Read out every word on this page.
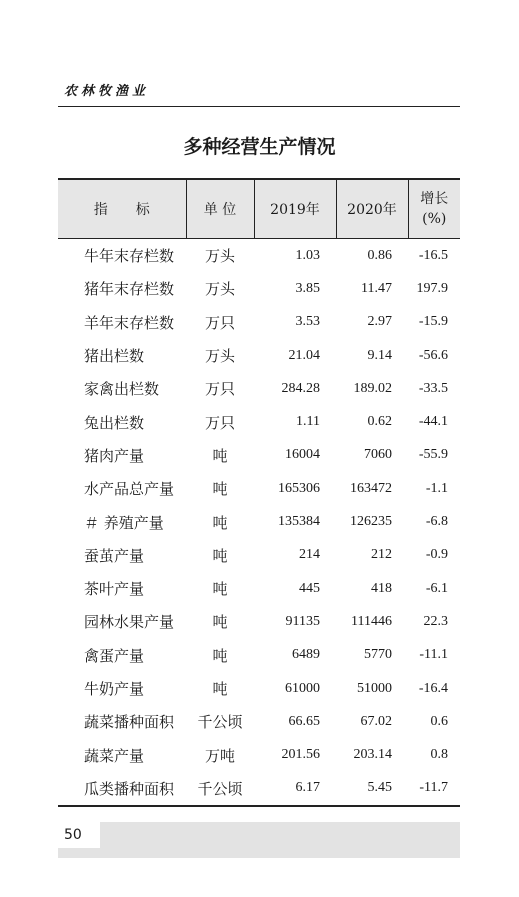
农林牧渔业
多种经营生产情况
指　　标	单 位	2019年	2020年	增长
(%)

牛年末存栏数	万头	1.03	0.86	-16.5
猪年末存栏数	万头	3.85	11.47	197.9
羊年末存栏数	万只	3.53	2.97	-15.9
猪出栏数	万头	21.04	9.14	-56.6
家禽出栏数	万只	284.28	189.02	-33.5
兔出栏数	万只	1.11	0.62	-44.1
猪肉产量	吨	16004	7060	-55.9
水产品总产量	吨	165306	163472	-1.1
＃ 养殖产量	吨	135384	126235	-6.8
蚕茧产量	吨	214	212	-0.9
茶叶产量	吨	445	418	-6.1
园林水果产量	吨	91135	111446	22.3
禽蛋产量	吨	6489	5770	-11.1
牛奶产量	吨	61000	51000	-16.4
蔬菜播种面积	千公顷	66.65	67.02	0.6
蔬菜产量	万吨	201.56	203.14	0.8
瓜类播种面积	千公顷	6.17	5.45	-11.7
50
